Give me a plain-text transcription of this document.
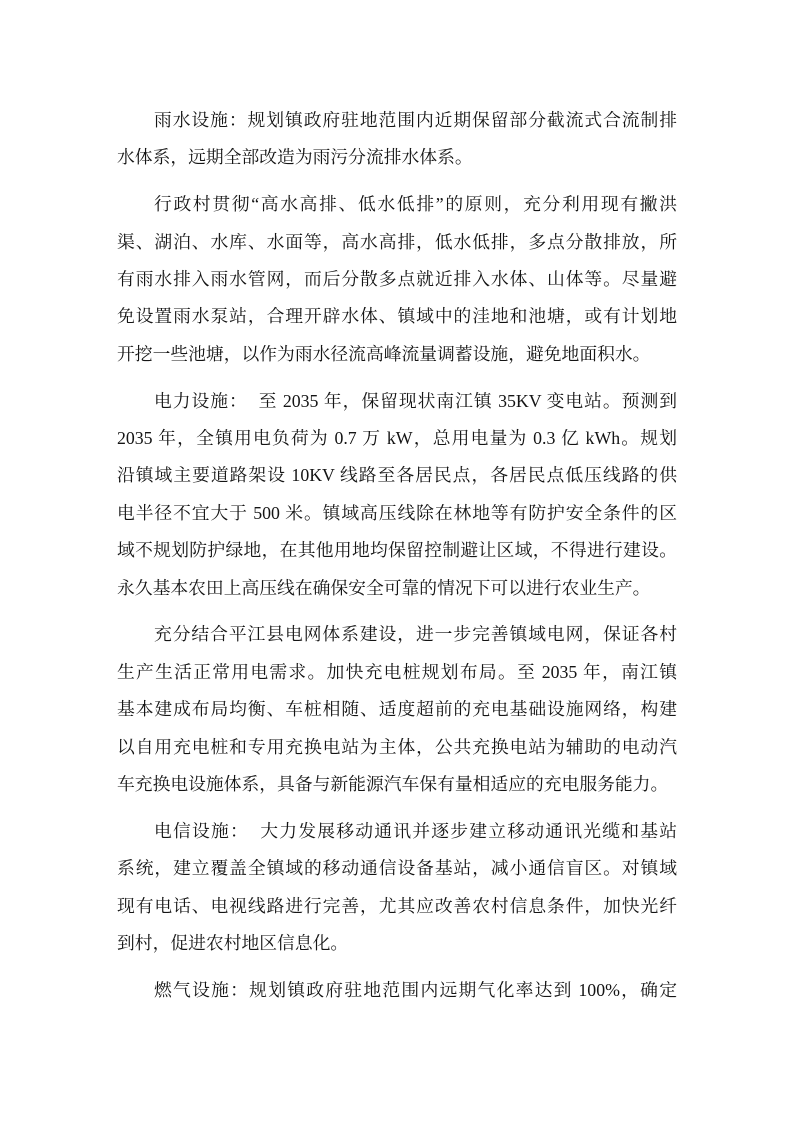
雨水设施：规划镇政府驻地范围内近期保留部分截流式合流制排
水体系，远期全部改造为雨污分流排水体系。
行政村贯彻“高水高排、低水低排”的原则，充分利用现有撇洪
渠、湖泊、水库、水面等，高水高排，低水低排，多点分散排放，所
有雨水排入雨水管网，而后分散多点就近排入水体、山体等。尽量避
免设置雨水泵站，合理开辟水体、镇域中的洼地和池塘，或有计划地
开挖一些池塘，以作为雨水径流高峰流量调蓄设施，避免地面积水。
电力设施：  至 2035 年，保留现状南江镇 35KV 变电站。预测到
2035 年，全镇用电负荷为 0.7 万 kW，总用电量为 0.3 亿 kWh。规划
沿镇域主要道路架设 10KV 线路至各居民点，各居民点低压线路的供
电半径不宜大于 500 米。镇域高压线除在林地等有防护安全条件的区
域不规划防护绿地，在其他用地均保留控制避让区域，不得进行建设。
永久基本农田上高压线在确保安全可靠的情况下可以进行农业生产。
充分结合平江县电网体系建设，进一步完善镇域电网，保证各村
生产生活正常用电需求。加快充电桩规划布局。至 2035 年，南江镇
基本建成布局均衡、车桩相随、适度超前的充电基础设施网络，构建
以自用充电桩和专用充换电站为主体，公共充换电站为辅助的电动汽
车充换电设施体系，具备与新能源汽车保有量相适应的充电服务能力。
电信设施：  大力发展移动通讯并逐步建立移动通讯光缆和基站
系统，建立覆盖全镇域的移动通信设备基站，减小通信盲区。对镇域
现有电话、电视线路进行完善，尤其应改善农村信息条件，加快光纤
到村，促进农村地区信息化。
燃气设施：规划镇政府驻地范围内远期气化率达到 100%，确定
